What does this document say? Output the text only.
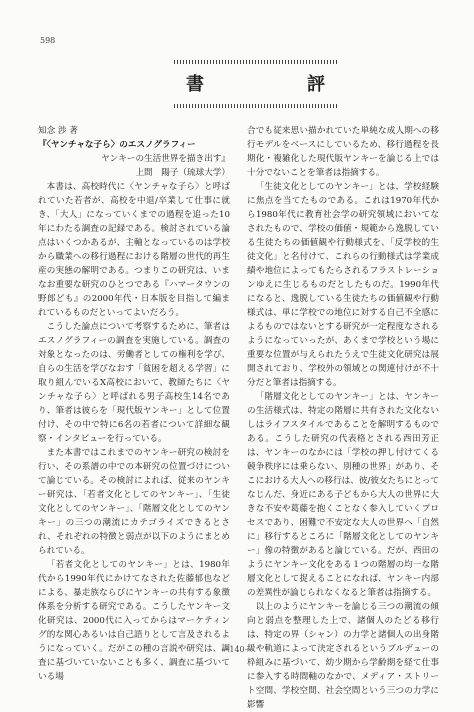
598
書	評

知念 渉 著

『〈ヤンチャな子ら〉のエスノグラフィー

ヤンキーの生活世界を描き出す』

上間　陽子（琉球大学）

本書は、高校時代に〈ヤンチャな子ら〉と呼ばれていた若者が、高校を中退/卒業して仕事に就き、「大人」になっていくまでの過程を追った10年にわたる調査の記録である。検討されている論点はいくつかあるが、主軸となっているのは学校から職業への移行過程における階層の世代的再生産の実態の解明である。つまりこの研究は、いまなお重要な研究のひとつである『ハマータウンの野郎ども』の2000年代・日本版を目指して編まれているものだといってよいだろう。

こうした論点について考察するために、筆者はエスノグラフィーの調査を実施している。調査の対象となったのは、労働者としての権利を学び、自らの生活を学びなおす「貧困を超える学習」に取り組んでいるX高校において、教師たちに〈ヤンチャな子ら〉と呼ばれる男子高校生14名であり、筆者は彼らを「現代版ヤンキー」として位置付け、その中で特に6名の若者について詳細な観察・インタビューを行っている。

また本書ではこれまでのヤンキー研究の検討を行い、その系譜の中での本研究の位置づけについて論じている。その検討によれば、従来のヤンキー研究は、「若者文化としてのヤンキー」、「生徒文化としてのヤンキー」、「階層文化としてのヤンキー」の三つの潮流にカテゴライズできるとされ、それぞれの特徴と弱点が以下のようにまとめられている。

「若者文化としてのヤンキー」とは、1980年代から1990年代にかけてなされた佐藤郁也などによる、暴走族ならびにヤンキーの共有する象徴体系を分析する研究である。こうしたヤンキー文化研究は、2000代に入ってからはマーケティング的な関心あるいは自己語りとして言及されるようになっていく。だがこの種の言説や研究は、調査に基づいていないことも多く、調査に基づいている場

合でも従来思い描かれていた単純な成人期への移行モデルをベースにしているため、移行過程を長期化・複雑化した現代版ヤンキーを論じる上では十分でないことを筆者は指摘する。

「生徒文化としてのヤンキー」とは、学校経験に焦点を当てたものである。これは1970年代から1980年代に教育社会学の研究領域においてなされたもので、学校の価値・規範から逸脱している生徒たちの価値観や行動様式を、「反学校的生徒文化」と名付けて、これらの行動様式は学業成績や地位によってもたらされるフラストレーションゆえに生じるものだとしたものだ。1990年代になると、逸脱している生徒たちの価値観や行動様式は、単に学校での地位に対する自己不全感によるものではないとする研究が一定程度なされるようになっていったが、あくまで学校という場に重要な位置が与えられたうえで生徒文化研究は展開されており、学校外の領域との関連付けが不十分だと筆者は指摘する。

「階層文化としてのヤンキー」とは、ヤンキーの生活様式は、特定の階層に共有された文化ないしはライフスタイルであることを解明するものである。こうした研究の代表格とされる西田芳正は、ヤンキーのなかには「学校の押し付けてくる競争秩序には乗らない、別種の世界」があり、そこにおける大人への移行は、彼/彼女たちにとってなじんだ、身近にある子どもから大人の世界に大きな不安や葛藤を抱くことなく参入していくプロセスであり、困難で不安定な大人の世界へ「自然に」移行するところに「階層文化としてのヤンキー」像の特徴があると論じている。だが、西田のようにヤンキー文化をある１つの階層の均一な階層文化として捉えることになれば、ヤンキー内部の差異性が論じられなくなると筆者は指摘する。

以上のようにヤンキーを論じる三つの潮流の傾向と弱点を整理した上で、諸個人のたどる移行は、特定の界（シャン）の力学と諸個人の出身階級や軌道によって決定されるというブルデューの枠組みに基づいて、幼少期から学齢期を経て仕事に参入する時間軸のなかで、メディア・ストリート空間、学校空間、社会空間という三つの力学に影響

—140—
